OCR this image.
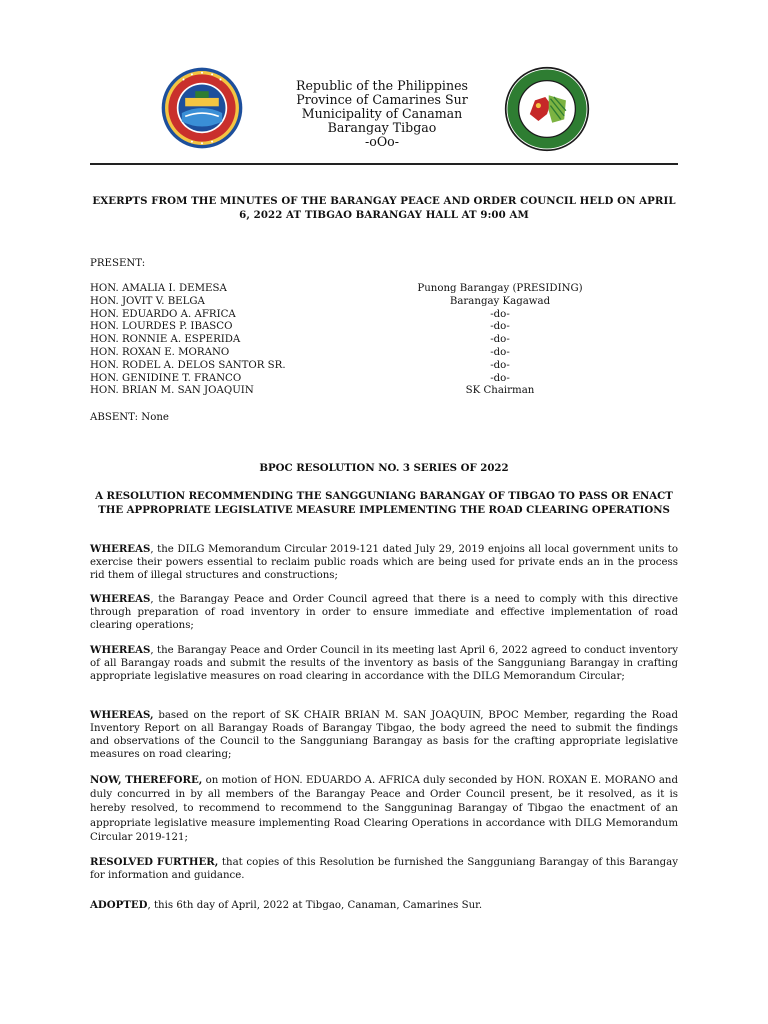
Republic of the Philippines
Province of Camarines Sur
Municipality of Canaman
Barangay Tibgao
-oOo-
EXERPTS FROM THE MINUTES OF THE BARANGAY PEACE AND ORDER COUNCIL HELD ON APRIL 6, 2022 AT TIBGAO BARANGAY HALL AT 9:00 AM
PRESENT:
HON. AMALIA I. DEMESA	Punong Barangay (PRESIDING)
HON. JOVIT V. BELGA	Barangay Kagawad
HON. EDUARDO A. AFRICA	-do-
HON. LOURDES P. IBASCO	-do-
HON. RONNIE A. ESPERIDA	-do-
HON. ROXAN E. MORANO	-do-
HON. RODEL A. DELOS SANTOR SR.	-do-
HON. GENIDINE T. FRANCO	-do-
HON. BRIAN M. SAN JOAQUIN	SK Chairman
ABSENT: None
BPOC RESOLUTION NO. 3 SERIES OF 2022
A RESOLUTION RECOMMENDING THE SANGGUNIANG BARANGAY OF TIBGAO TO PASS OR ENACT THE APPROPRIATE LEGISLATIVE MEASURE IMPLEMENTING THE ROAD CLEARING OPERATIONS

WHEREAS, the DILG Memorandum Circular 2019-121 dated July 29, 2019 enjoins all local government units to exercise their powers essential to reclaim public roads which are being used for private ends an in the process rid them of illegal structures and constructions;

WHEREAS, the Barangay Peace and Order Council agreed that there is a need to comply with this directive through preparation of road inventory in order to ensure immediate and effective implementation of road clearing operations;

WHEREAS, the Barangay Peace and Order Council in its meeting last April 6, 2022 agreed to conduct inventory of all Barangay roads and submit the results of the inventory as basis of the Sangguniang Barangay in crafting appropriate legislative measures on road clearing in accordance with the DILG Memorandum Circular;

WHEREAS, based on the report of SK CHAIR BRIAN M. SAN JOAQUIN, BPOC Member, regarding the Road Inventory Report on all Barangay Roads of Barangay Tibgao, the body agreed the need to submit the findings and observations of the Council to the Sangguniang Barangay as basis for the crafting appropriate legislative measures on road clearing;

NOW, THEREFORE, on motion of HON. EDUARDO A. AFRICA duly seconded by HON. ROXAN E. MORANO and duly concurred in by all members of the Barangay Peace and Order Council present, be it resolved, as it is hereby resolved, to recommend to recommend to the Sangguninag Barangay of Tibgao the enactment of an appropriate legislative measure implementing Road Clearing Operations in accordance with DILG Memorandum Circular 2019-121;

RESOLVED FURTHER, that copies of this Resolution be furnished the Sangguniang Barangay of this Barangay for information and guidance.

ADOPTED, this 6th day of April, 2022 at Tibgao, Canaman, Camarines Sur.
